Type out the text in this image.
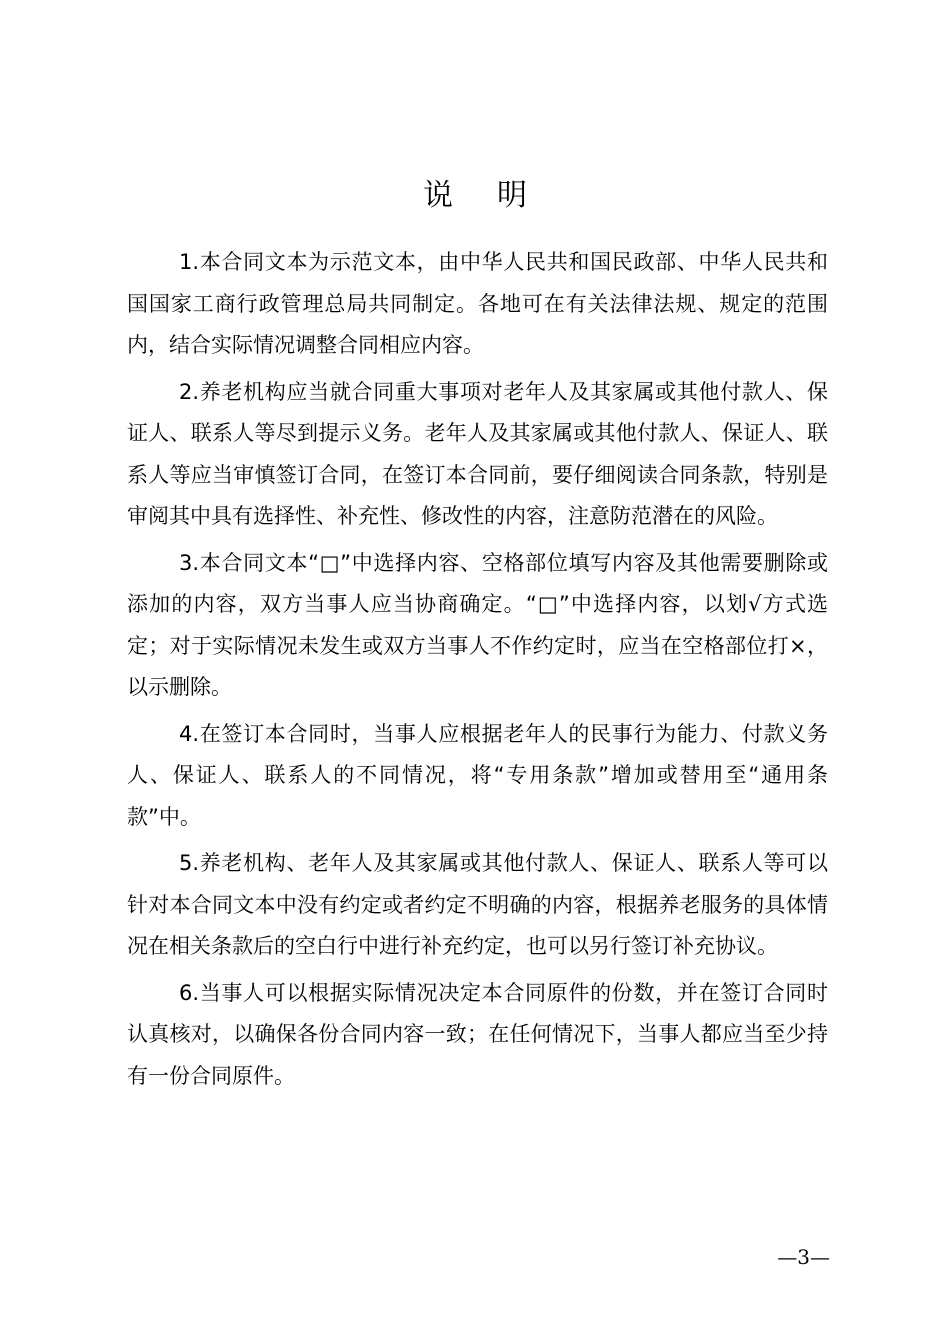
说明

1.本合同文本为示范文本，由中华人民共和国民政部、中华人民共和国国家工商行政管理总局共同制定。各地可在有关法律法规、规定的范围内，结合实际情况调整合同相应内容。

2.养老机构应当就合同重大事项对老年人及其家属或其他付款人、保证人、联系人等尽到提示义务。老年人及其家属或其他付款人、保证人、联系人等应当审慎签订合同，在签订本合同前，要仔细阅读合同条款，特别是审阅其中具有选择性、补充性、修改性的内容，注意防范潜在的风险。

3.本合同文本“□”中选择内容、空格部位填写内容及其他需要删除或添加的内容，双方当事人应当协商确定。“□”中选择内容，以划√方式选定；对于实际情况未发生或双方当事人不作约定时，应当在空格部位打×，以示删除。

4.在签订本合同时，当事人应根据老年人的民事行为能力、付款义务人、保证人、联系人的不同情况，将“专用条款”增加或替用至“通用条款”中。

5.养老机构、老年人及其家属或其他付款人、保证人、联系人等可以针对本合同文本中没有约定或者约定不明确的内容，根据养老服务的具体情况在相关条款后的空白行中进行补充约定，也可以另行签订补充协议。

6.当事人可以根据实际情况决定本合同原件的份数，并在签订合同时认真核对，以确保各份合同内容一致；在任何情况下，当事人都应当至少持有一份合同原件。

—3—
